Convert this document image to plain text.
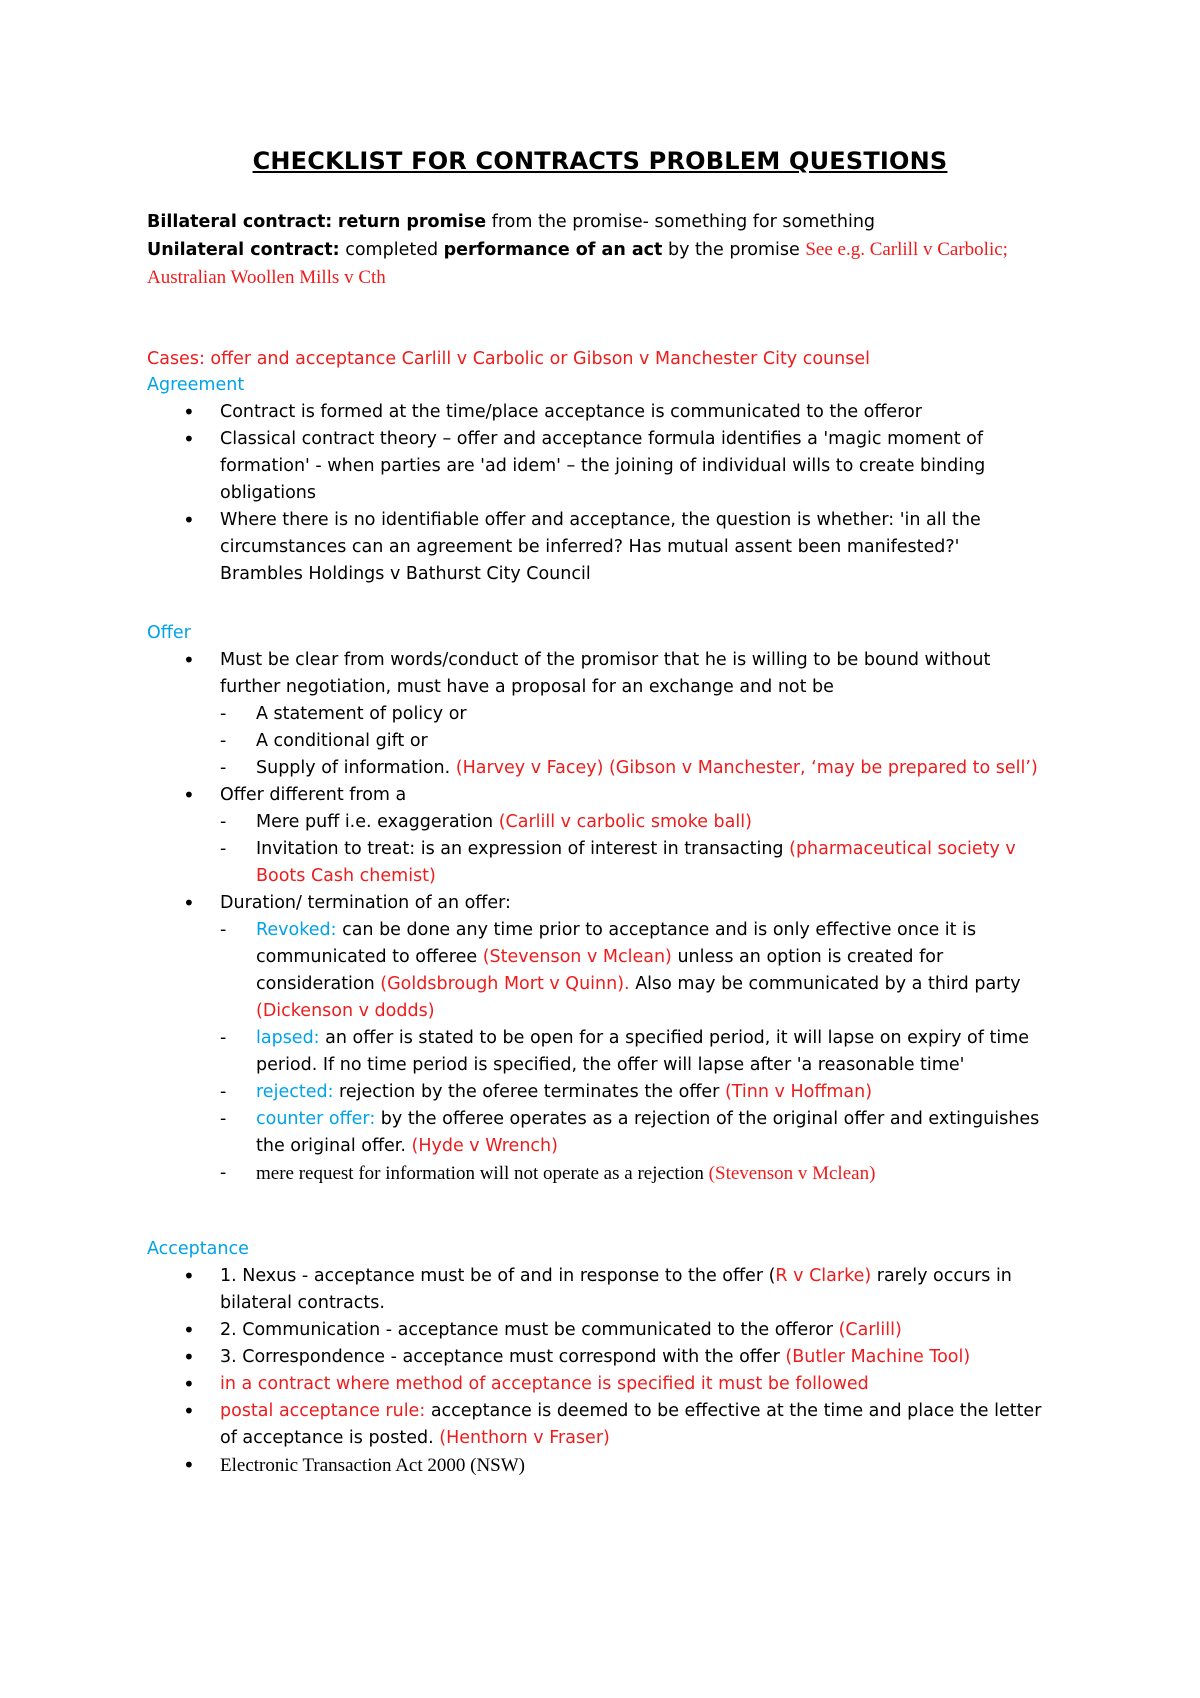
CHECKLIST FOR CONTRACTS PROBLEM QUESTIONS
Billateral contract: return promise from the promise- something for something
Unilateral contract: completed performance of an act by the promise See e.g. Carlill v Carbolic;
Australian Woollen Mills v Cth
Cases: offer and acceptance Carlill v Carbolic or Gibson v Manchester City counsel
Agreement
• Contract is formed at the time/place acceptance is communicated to the offeror
• Classical contract theory – offer and acceptance formula identifies a 'magic moment of
formation' - when parties are 'ad idem' – the joining of individual wills to create binding
obligations
• Where there is no identifiable offer and acceptance, the question is whether: 'in all the
circumstances can an agreement be inferred? Has mutual assent been manifested?'
Brambles Holdings v Bathurst City Council
Offer
• Must be clear from words/conduct of the promisor that he is willing to be bound without
further negotiation, must have a proposal for an exchange and not be
- A statement of policy or
- A conditional gift or
- Supply of information. (Harvey v Facey) (Gibson v Manchester, ‘may be prepared to sell’)
• Offer different from a
- Mere puff i.e. exaggeration (Carlill v carbolic smoke ball)
- Invitation to treat: is an expression of interest in transacting (pharmaceutical society v
Boots Cash chemist)
• Duration/ termination of an offer:
- Revoked: can be done any time prior to acceptance and is only effective once it is
communicated to offeree (Stevenson v Mclean) unless an option is created for
consideration (Goldsbrough Mort v Quinn). Also may be communicated by a third party
(Dickenson v dodds)
- lapsed: an offer is stated to be open for a specified period, it will lapse on expiry of time
period. If no time period is specified, the offer will lapse after 'a reasonable time'
- rejected: rejection by the oferee terminates the offer (Tinn v Hoffman)
- counter offer: by the offeree operates as a rejection of the original offer and extinguishes
the original offer. (Hyde v Wrench)
- mere request for information will not operate as a rejection (Stevenson v Mclean)
Acceptance
• 1. Nexus - acceptance must be of and in response to the offer (R v Clarke) rarely occurs in
bilateral contracts.
• 2. Communication - acceptance must be communicated to the offeror (Carlill)
• 3. Correspondence - acceptance must correspond with the offer (Butler Machine Tool)
• in a contract where method of acceptance is specified it must be followed
• postal acceptance rule: acceptance is deemed to be effective at the time and place the letter
of acceptance is posted. (Henthorn v Fraser)
• Electronic Transaction Act 2000 (NSW)
